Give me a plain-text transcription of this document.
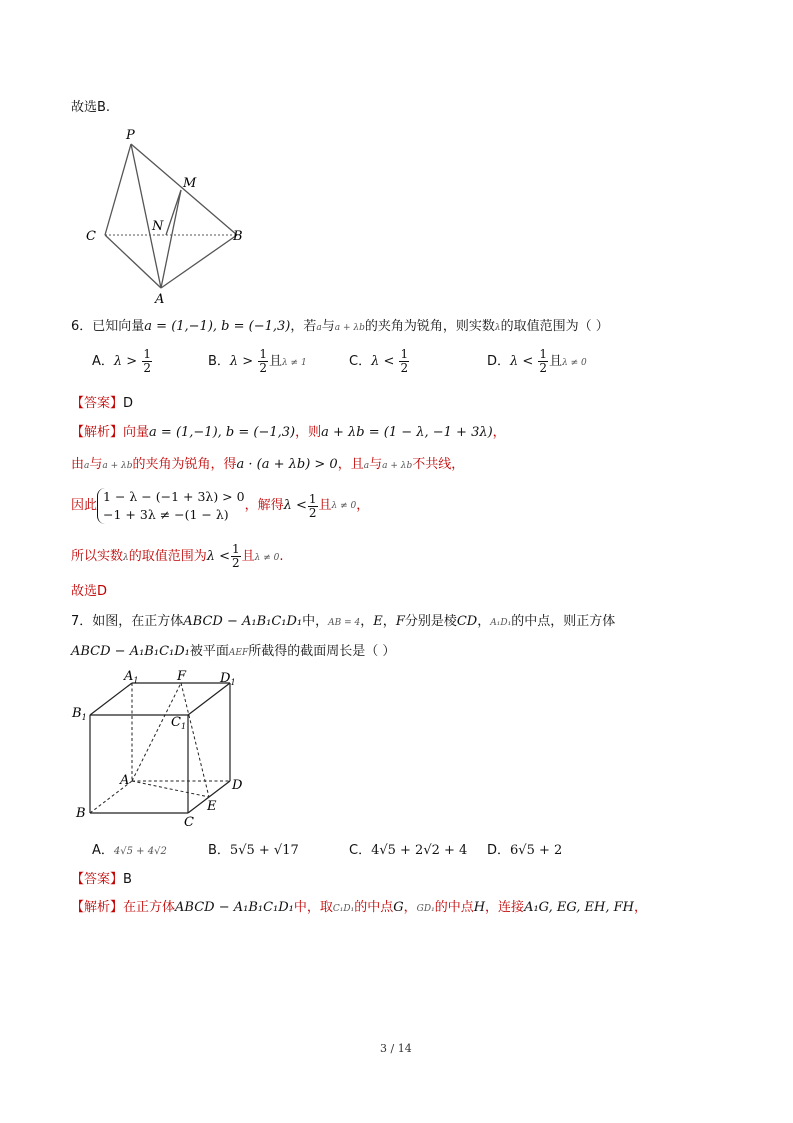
故选B.
P
M
N
C	B
A
6．已知向量a = (1,−1), b = (−1,3)，若a与a + λb的夹角为锐角，则实数λ的取值范围为（ ）
A．$\lambda > \frac{1}{2}$	B．$\lambda > \frac{1}{2}$ 且λ ≠ 1	C．$\lambda < \frac{1}{2}$	D．$\lambda < \frac{1}{2}$ 且λ ≠ 0
【答案】D
【解析】向量a = (1,−1), b = (−1,3)，则a + λb = (1 − λ, −1 + 3λ)，
由a与a + λb的夹角为锐角，得a · (a + λb) > 0，且a与a + λb不共线，
因此
1 − λ − (−1 + 3λ) > 0
−1 + 3λ ≠ −(1 − λ)
，解得$\lambda < \frac{1}{2}$ 且λ ≠ 0，
所以实数λ的取值范围为$\lambda < \frac{1}{2}$ 且λ ≠ 0.
故选D
7．如图，在正方体ABCD − A₁B₁C₁D₁中，AB = 4，E，F分别是棱CD，A₁D₁的中点，则正方体
ABCD − A₁B₁C₁D₁被平面AEF所截得的截面周长是（ ）
$A_1$	F	$D_1$
$B_1$	$C_1$
A	D
E
B
C
A．4√5 + 4√2	B．5√5 + √17	C．4√5 + 2√2 + 4 D．6√5 + 2
【答案】B
【解析】在正方体ABCD − A₁B₁C₁D₁中，取C₁D₁的中点G，GD₁的中点H，连接A₁G, EG, EH, FH，
3 / 14
